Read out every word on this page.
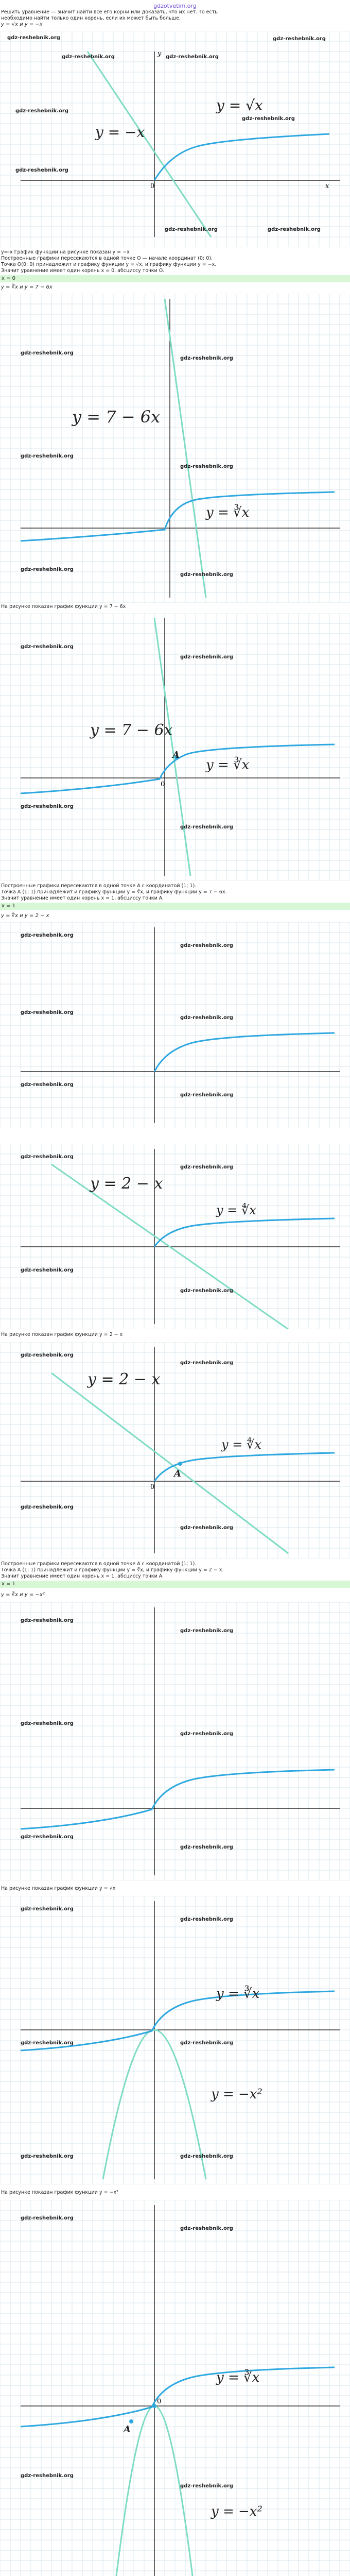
gdzotvetim.org
Решить уравнение — значит найти все его корни или доказать, что их нет. То есть
необходимо найти только один корень, если их может быть больше.
y = √x и y = −x
0	x
y
gdz-reshebnik.org
gdz-reshebnik.org	gdz-reshebnik.org
gdz-reshebnik.org
gdz-reshebnik.org
gdz-reshebnik.org
gdz-reshebnik.org
gdz-reshebnik.org	gdz-reshebnik.org
y = −x
y = √x
y=-x График функции на рисунке показан y = −x
Построенные графики пересекаются в одной точке O — начале координат (0; 0).
Точка O(0; 0) принадлежит и графику функции y = √x, и графику функции y = −x.
Значит уравнение имеет один корень x = 0, абсциссу точки O.
x = 0
y = ∛x и y = 7 − 6x
y = 7 − 6x
y = ∛x
gdz-reshebnik.org
gdz-reshebnik.org
gdz-reshebnik.org
gdz-reshebnik.org
gdz-reshebnik.org
gdz-reshebnik.org
На рисунке показан график функции y = 7 − 6x
0
A
y = 7 − 6x
y = ∛x
gdz-reshebnik.org
gdz-reshebnik.org
gdz-reshebnik.org
gdz-reshebnik.org
Построенные графики пересекаются в одной точке A с координатой (1; 1).
Точка A (1; 1) принадлежит и графику функции y = ∛x, и графику функции y = 7 − 6x.
Значит уравнение имеет один корень x = 1, абсциссу точки A.
x = 1
y = ∜x и y = 2 − x
gdz-reshebnik.org
gdz-reshebnik.org
gdz-reshebnik.org
gdz-reshebnik.org
gdz-reshebnik.org
gdz-reshebnik.org
y = 2 − x
y = ∜x
gdz-reshebnik.org
gdz-reshebnik.org
gdz-reshebnik.org
gdz-reshebnik.org
На рисунке показан график функции y = 2 − x
0
A
y = 2 − x
y = ∜x
gdz-reshebnik.org
gdz-reshebnik.org
gdz-reshebnik.org
gdz-reshebnik.org
Построенные графики пересекаются в одной точке A с координатой (1; 1).
Точка A (1; 1) принадлежит и графику функции y = ∜x, и графику функции y = 2 − x.
Значит уравнение имеет один корень x = 1, абсциссу точки A.
x = 1
y = ∛x и y = −x²
gdz-reshebnik.org
gdz-reshebnik.org
gdz-reshebnik.org
gdz-reshebnik.org
gdz-reshebnik.org
gdz-reshebnik.org
На рисунке показан график функции y = √x
y = ∛x
y = −x²
gdz-reshebnik.org
gdz-reshebnik.org
gdz-reshebnik.org	gdz-reshebnik.org
gdz-reshebnik.org	gdz-reshebnik.org
На рисунке показан график функции y = −x²
0
A
y = ∛x
y = −x²
gdz-reshebnik.org
gdz-reshebnik.org
gdz-reshebnik.org
gdz-reshebnik.org
